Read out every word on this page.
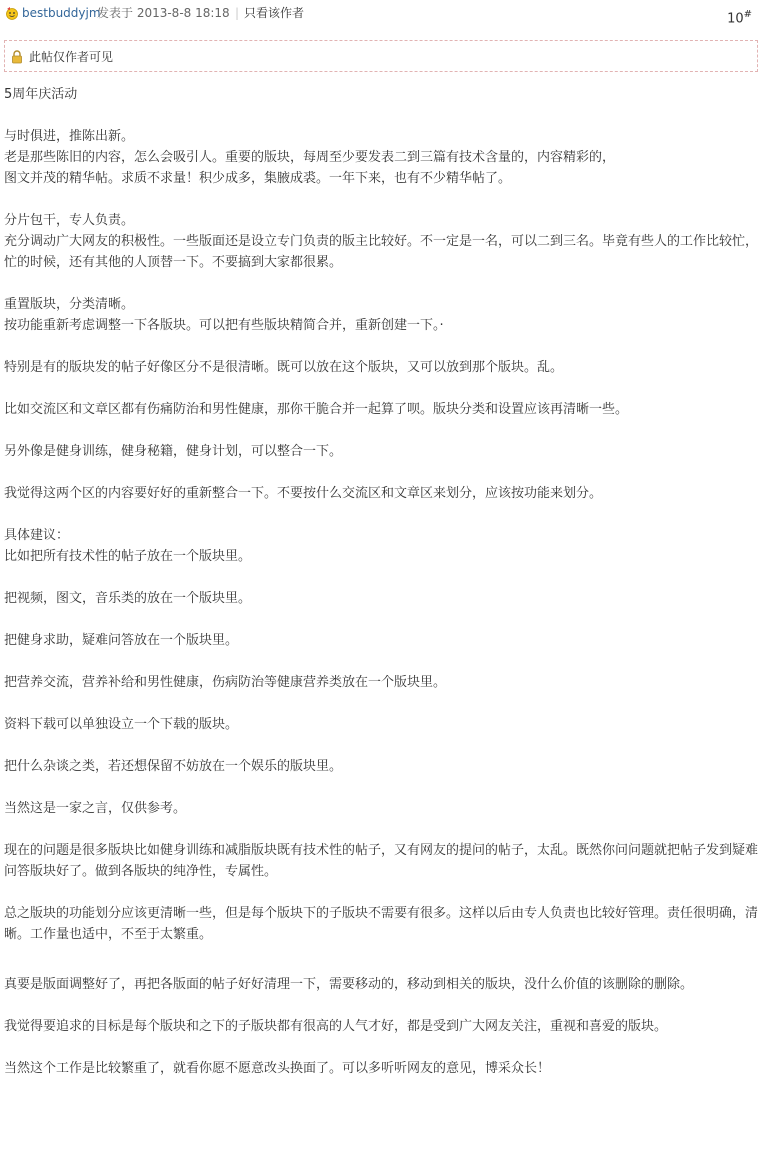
bestbuddyjm
发表于 2013-8-8 18:18 | 只看该作者	10#
此帖仅作者可见

5周年庆活动

与时俱进，推陈出新。

老是那些陈旧的内容，怎么会吸引人。重要的版块，每周至少要发表二到三篇有技术含量的，内容精彩的，

图文并茂的精华帖。求质不求量！积少成多，集腋成裘。一年下来，也有不少精华帖了。

分片包干，专人负责。

充分调动广大网友的积极性。一些版面还是设立专门负责的版主比较好。不一定是一名，可以二到三名。毕竟有些人的工作比较忙，忙的时候，还有其他的人顶替一下。不要搞到大家都很累。

重置版块，分类清晰。

按功能重新考虑调整一下各版块。可以把有些版块精简合并，重新创建一下。·

特别是有的版块发的帖子好像区分不是很清晰。既可以放在这个版块，又可以放到那个版块。乱。

比如交流区和文章区都有伤痛防治和男性健康，那你干脆合并一起算了呗。版块分类和设置应该再清晰一些。

另外像是健身训练，健身秘籍，健身计划，可以整合一下。

我觉得这两个区的内容要好好的重新整合一下。不要按什么交流区和文章区来划分，应该按功能来划分。

具体建议：

比如把所有技术性的帖子放在一个版块里。

把视频，图文，音乐类的放在一个版块里。

把健身求助，疑难问答放在一个版块里。

把营养交流，营养补给和男性健康，伤病防治等健康营养类放在一个版块里。

资料下载可以单独设立一个下载的版块。

把什么杂谈之类，若还想保留不妨放在一个娱乐的版块里。

当然这是一家之言，仅供参考。

现在的问题是很多版块比如健身训练和减脂版块既有技术性的帖子，又有网友的提问的帖子，太乱。既然你问问题就把帖子发到疑难问答版块好了。做到各版块的纯净性，专属性。

总之版块的功能划分应该更清晰一些，但是每个版块下的子版块不需要有很多。这样以后由专人负责也比较好管理。责任很明确，清晰。工作量也适中，不至于太繁重。

真要是版面调整好了，再把各版面的帖子好好清理一下，需要移动的，移动到相关的版块，没什么价值的该删除的删除。

我觉得要追求的目标是每个版块和之下的子版块都有很高的人气才好，都是受到广大网友关注，重视和喜爱的版块。

当然这个工作是比较繁重了，就看你愿不愿意改头换面了。可以多听听网友的意见，博采众长！
